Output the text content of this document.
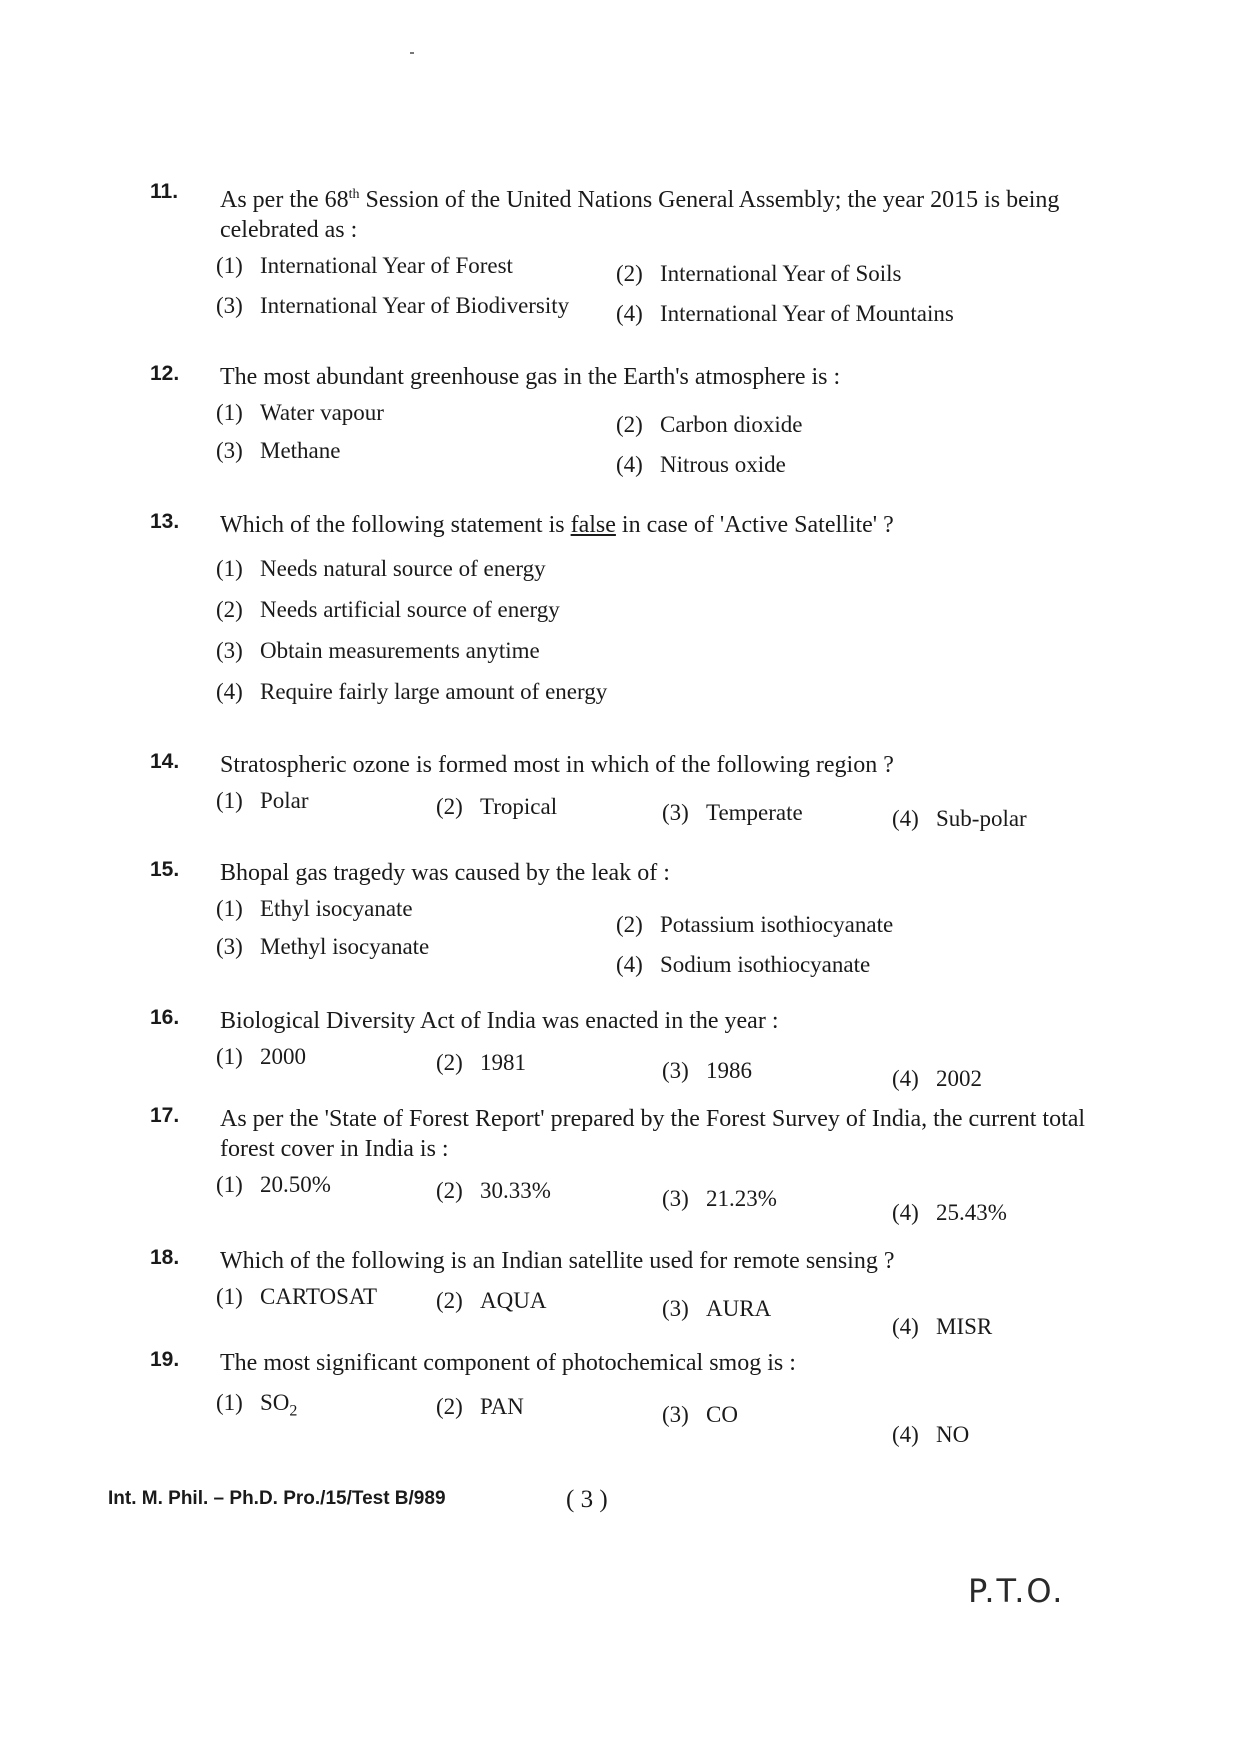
11. As per the 68th Session of the United Nations General Assembly; the year 2015 is being celebrated as :
(1) International Year of Forest	(2) International Year of Soils
(3) International Year of Biodiversity (4) International Year of Mountains
12. The most abundant greenhouse gas in the Earth's atmosphere is :
(1) Water vapour	(2) Carbon dioxide
(3) Methane
(4) Nitrous oxide
13. Which of the following statement is false in case of 'Active Satellite' ?
(1) Needs natural source of energy
(2) Needs artificial source of energy
(3) Obtain measurements anytime
(4) Require fairly large amount of energy
14. Stratospheric ozone is formed most in which of the following region ?
(1) Polar	(2) Tropical	(3) Temperate	(4) Sub-polar
15. Bhopal gas tragedy was caused by the leak of :
(1) Ethyl isocyanate
(2) Potassium isothiocyanate
(3) Methyl isocyanate
(4) Sodium isothiocyanate
16. Biological Diversity Act of India was enacted in the year :
(1) 2000	(2) 1981	(3) 1986	(4) 2002
17. As per the 'State of Forest Report' prepared by the Forest Survey of India, the current total forest cover in India is :
(1) 20.50%	(2) 30.33%	(3) 21.23%
(4) 25.43%
18. Which of the following is an Indian satellite used for remote sensing ?
(1) CARTOSAT	(2) AQUA	(3) AURA
(4) MISR
19. The most significant component of photochemical smog is :
(1) $SO_2$	(2) PAN	(3) CO
(4) NO
Int. M. Phil. – Ph.D. Pro./15/Test B/989	( 3 )
P.T.O.
